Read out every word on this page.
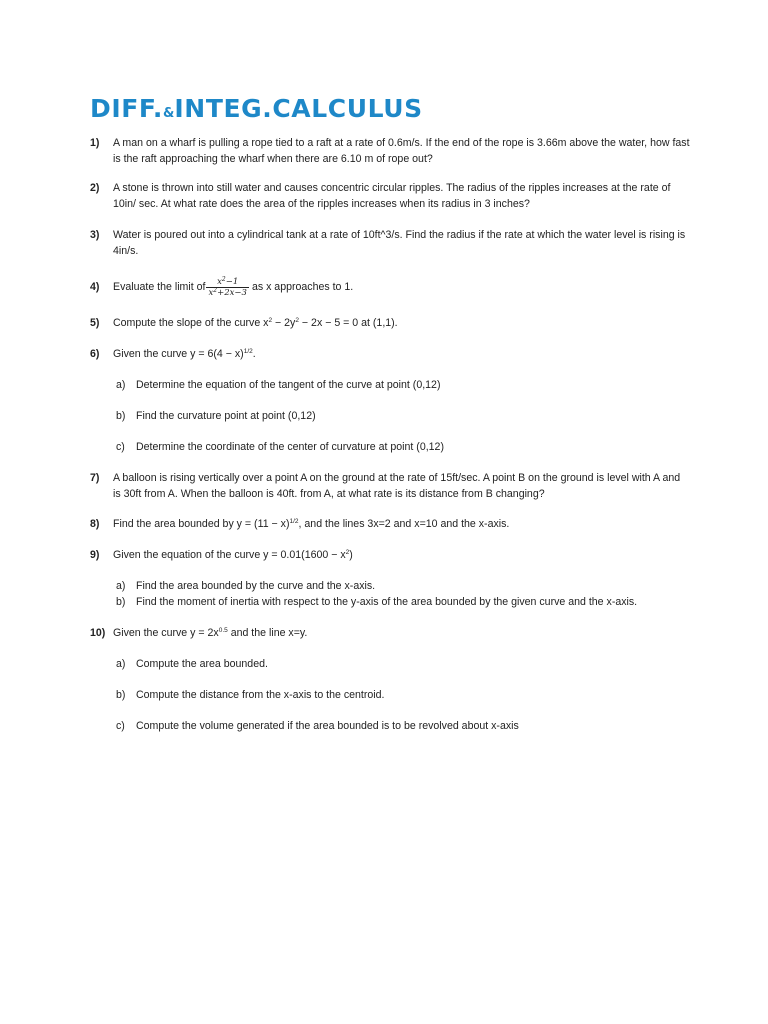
DIFF.&INTEG.CALCULUS
1) A man on a wharf is pulling a rope tied to a raft at a rate of 0.6m/s. If the end of the rope is 3.66m above the water, how fast is the raft approaching the wharf when there are 6.10 m of rope out?
2) A stone is thrown into still water and causes concentric circular ripples. The radius of the ripples increases at the rate of 10in/ sec. At what rate does the area of the ripples increases when its radius in 3 inches?
3) Water is poured out into a cylindrical tank at a rate of 10ft^3/s. Find the radius if the rate at which the water level is rising is 4in/s.
4) Evaluate the limit of $\frac{x^2-1}{x^2+2x-3}$ as x approaches to 1.
5) Compute the slope of the curve $x^2 - 2y^2 - 2x - 5 = 0$ at (1,1).
6) Given the curve $y = 6(4 - x)^{1/2}$.
a) Determine the equation of the tangent of the curve at point (0,12)
b) Find the curvature point at point (0,12)
c) Determine the coordinate of the center of curvature at point (0,12)
7) A balloon is rising vertically over a point A on the ground at the rate of 15ft/sec. A point B on the ground is level with A and is 30ft from A. When the balloon is 40ft. from A, at what rate is its distance from B changing?
8) Find the area bounded by $y = (11 - x)^{1/2}$, and the lines 3x=2 and x=10 and the x-axis.
9) Given the equation of the curve $y = 0.01(1600 - x^2)$
a) Find the area bounded by the curve and the x-axis.
b) Find the moment of inertia with respect to the y-axis of the area bounded by the given curve and the x-axis.
10) Given the curve $y = 2x^{0.5}$ and the line x=y.
a) Compute the area bounded.
b) Compute the distance from the x-axis to the centroid.
c) Compute the volume generated if the area bounded is to be revolved about x-axis
